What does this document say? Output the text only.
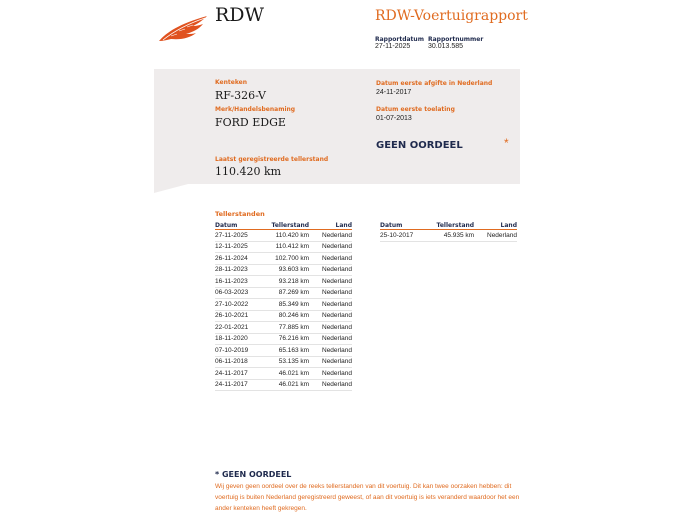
RDW	RDW-Voertuigrapport
Rapportdatum
27-11-2025
Rapportnummer
30.013.585
Kenteken
RF-326-V
Merk/Handelsbenaming
FORD EDGE
Laatst geregistreerde tellerstand
110.420 km
Datum eerste afgifte in Nederland
24-11-2017
Datum eerste toelating
01-07-2013
GEEN OORDEEL	*
Tellerstanden
Datum	Tellerstand	Land
27-11-2025	110.420 km	Nederland
12-11-2025	110.412 km	Nederland
26-11-2024	102.700 km	Nederland
28-11-2023	93.603 km	Nederland
16-11-2023	93.218 km	Nederland
06-03-2023	87.269 km	Nederland
27-10-2022	85.349 km	Nederland
26-10-2021	80.246 km	Nederland
22-01-2021	77.885 km	Nederland
18-11-2020	76.216 km	Nederland
07-10-2019	65.163 km	Nederland
06-11-2018	53.135 km	Nederland
24-11-2017	46.021 km	Nederland
24-11-2017	46.021 km	Nederland
Datum	Tellerstand	Land
25-10-2017	45.935 km	Nederland
* GEEN OORDEEL
Wij geven geen oordeel over de reeks tellerstanden van dit voertuig. Dit kan twee oorzaken hebben: dit voertuig is buiten Nederland geregistreerd geweest, of aan dit voertuig is iets veranderd waardoor het een ander kenteken heeft gekregen.
